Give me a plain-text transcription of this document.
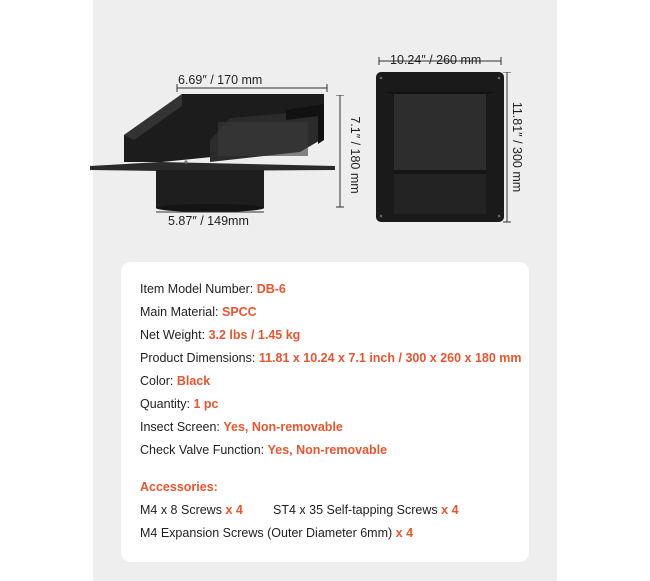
6.69″ / 170 mm
5.87″ / 149mm
7.1″ / 180 mm
10.24″ / 260 mm
11.81″ / 300 mm
Item Model Number: DB-6
Main Material: SPCC
Net Weight: 3.2 lbs / 1.45 kg
Product Dimensions: 11.81 x 10.24 x 7.1 inch / 300 x 260 x 180 mm
Color: Black
Quantity: 1 pc
Insect Screen: Yes, Non-removable
Check Valve Function: Yes, Non-removable
Accessories:
M4 x 8 Screws x 4 ST4 x 35 Self-tapping Screws x 4
M4 Expansion Screws (Outer Diameter 6mm) x 4
